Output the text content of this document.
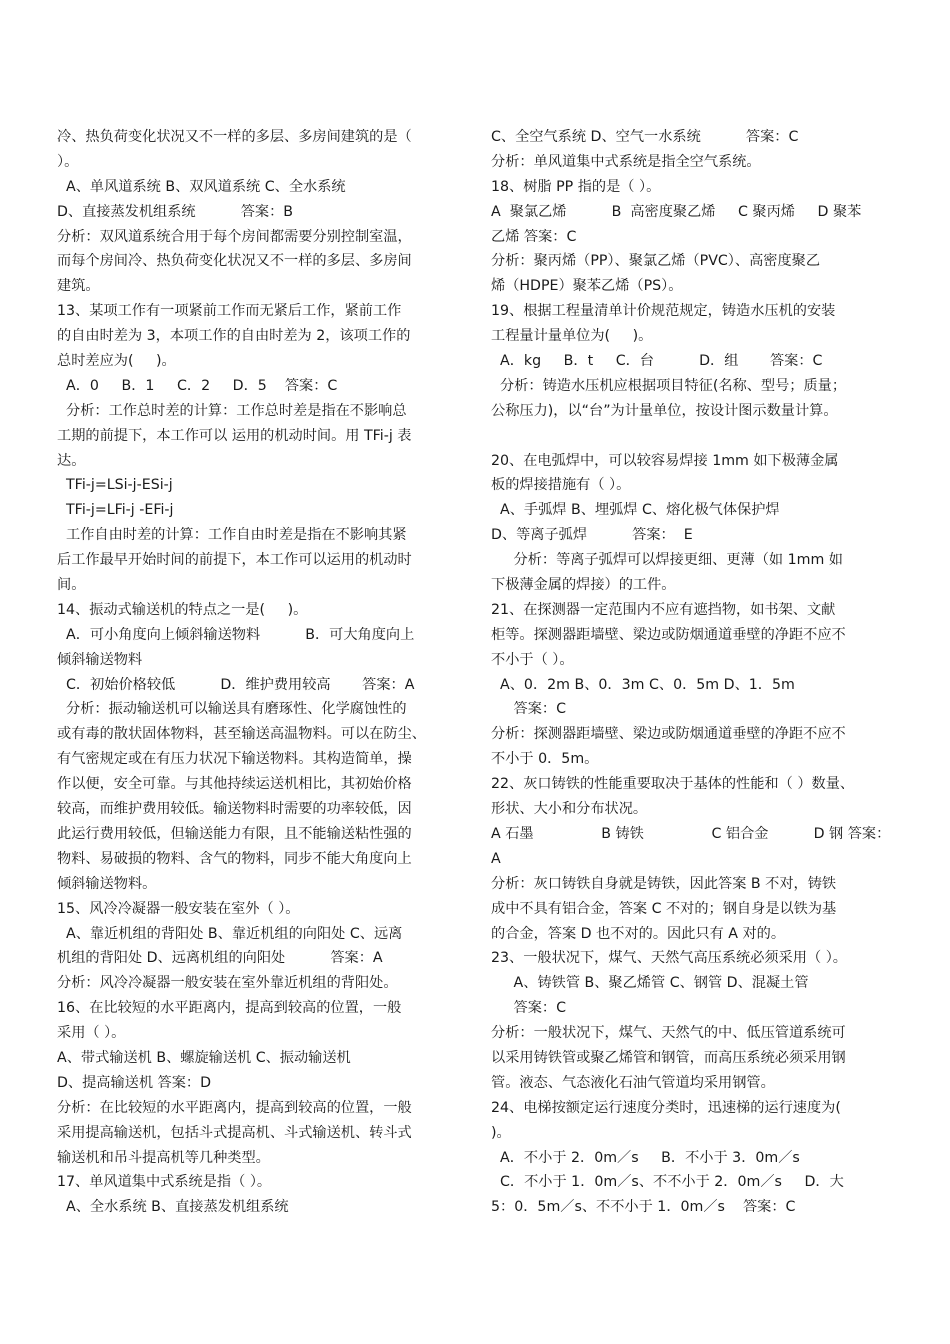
冷、热负荷变化状况又不一样的多层、多房间建筑的是（
）。
A、单风道系统 B、双风道系统 C、全水系统
D、直接蒸发机组系统          答案：B
分析：双风道系统合用于每个房间都需要分别控制室温，
而每个房间冷、热负荷变化状况又不一样的多层、多房间
建筑。
13、某项工作有一项紧前工作而无紧后工作，紧前工作
的自由时差为 3，本项工作的自由时差为 2，该项工作的
总时差应为(     )。
A．0     B．1     C．2     D．5    答案：C
分析：工作总时差的计算：工作总时差是指在不影响总
工期的前提下，本工作可以 运用的机动时间。用 TFi-j 表
达。
TFi-j=LSi-j-ESi-j
TFi-j=LFi-j -EFi-j
工作自由时差的计算：工作自由时差是指在不影响其紧
后工作最早开始时间的前提下，本工作可以运用的机动时
间。
14、振动式输送机的特点之一是(     )。
A．可小角度向上倾斜输送物料          B．可大角度向上
倾斜输送物料
C．初始价格较低          D．维护费用较高       答案：A
分析：振动输送机可以输送具有磨琢性、化学腐蚀性的
或有毒的散状固体物料，甚至输送高温物料。可以在防尘、
有气密规定或在有压力状况下输送物料。其构造简单，操
作以便，安全可靠。与其他持续运送机相比，其初始价格
较高，而维护费用较低。输送物料时需要的功率较低，因
此运行费用较低，但输送能力有限，且不能输送粘性强的
物料、易破损的物料、含气的物料，同步不能大角度向上
倾斜输送物料。
15、风冷冷凝器一般安装在室外（ ）。
A、靠近机组的背阳处 B、靠近机组的向阳处 C、远离
机组的背阳处 D、远离机组的向阳处          答案：A
分析：风冷冷凝器一般安装在室外靠近机组的背阳处。
16、在比较短的水平距离内，提高到较高的位置，一般
采用（ ）。
A、带式输送机 B、螺旋输送机 C、振动输送机
D、提高输送机 答案：D
分析：在比较短的水平距离内，提高到较高的位置，一般
采用提高输送机，包括斗式提高机、斗式输送机、转斗式
输送机和吊斗提高机等几种类型。
17、单风道集中式系统是指（ ）。
A、全水系统 B、直接蒸发机组系统
C、全空气系统 D、空气一水系统          答案：C
分析：单风道集中式系统是指全空气系统。
18、树脂 PP 指的是（ ）。
A  聚氯乙烯          B  高密度聚乙烯     C 聚丙烯     D 聚苯
乙烯 答案：C
分析：聚丙烯（PP）、聚氯乙烯（PVC）、高密度聚乙
烯（HDPE）聚苯乙烯（PS）。
19、根据工程量清单计价规范规定，铸造水压机的安装
工程量计量单位为(     )。
A．kg     B．t     C．台          D．组       答案：C
分析：铸造水压机应根据项目特征(名称、型号；质量；
公称压力)，以“台”为计量单位，按设计图示数量计算。
20、在电弧焊中，可以较容易焊接 1mm 如下极薄金属
板的焊接措施有（ ）。
A、手弧焊 B、埋弧焊 C、熔化极气体保护焊
D、等离子弧焊          答案：  E
分析：等离子弧焊可以焊接更细、更薄（如 1mm 如
下极薄金属的焊接）的工件。
21、在探测器一定范围内不应有遮挡物，如书架、文献
柜等。探测器距墙壁、梁边或防烟通道垂壁的净距不应不
不小于（ ）。
A、0．2m B、0．3m C、0．5m D、1．5m
答案：C
分析：探测器距墙壁、梁边或防烟通道垂壁的净距不应不
不小于 0．5m。
22、灰口铸铁的性能重要取决于基体的性能和（ ）数量、
形状、大小和分布状况。
A 石墨               B 铸铁               C 铝合金          D 钢 答案：
A
分析：灰口铸铁自身就是铸铁，因此答案 B 不对，铸铁
成中不具有铝合金，答案 C 不对的；钢自身是以铁为基
的合金，答案 D 也不对的。因此只有 A 对的。
23、一般状况下，煤气、天然气高压系统必须采用（ ）。
A、铸铁管 B、聚乙烯管 C、钢管 D、混凝土管
答案：C
分析：一般状况下，煤气、天然气的中、低压管道系统可
以采用铸铁管或聚乙烯管和钢管，而高压系统必须采用钢
管。液态、气态液化石油气管道均采用钢管。
24、电梯按额定运行速度分类时，迅速梯的运行速度为(
)。
A．不小于 2．0m／s     B．不小于 3．0m／s
C．不小于 1．0m／s、不不小于 2．0m／s     D．大
5：0．5m／s、不不小于 1．0m／s    答案：C
